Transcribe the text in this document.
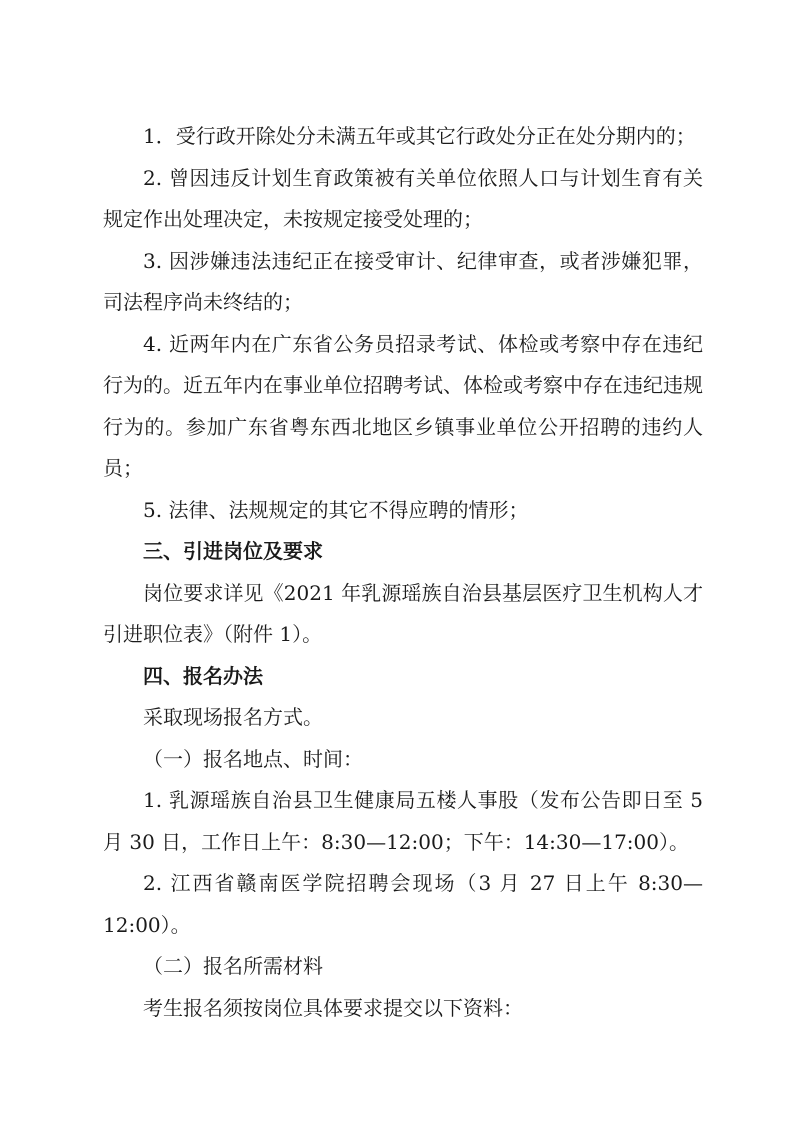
1．受行政开除处分未满五年或其它行政处分正在处分期内的；

2. 曾因违反计划生育政策被有关单位依照人口与计划生育有关规定作出处理决定，未按规定接受处理的；

3. 因涉嫌违法违纪正在接受审计、纪律审查，或者涉嫌犯罪，司法程序尚未终结的；

4. 近两年内在广东省公务员招录考试、体检或考察中存在违纪行为的。近五年内在事业单位招聘考试、体检或考察中存在违纪违规行为的。参加广东省粤东西北地区乡镇事业单位公开招聘的违约人员；

5. 法律、法规规定的其它不得应聘的情形；

三、引进岗位及要求

岗位要求详见《2021 年乳源瑶族自治县基层医疗卫生机构人才引进职位表》（附件 1）。

四、报名办法

采取现场报名方式。

（一）报名地点、时间：

1. 乳源瑶族自治县卫生健康局五楼人事股（发布公告即日至 5 月 30 日，工作日上午：8:30—12:00；下午：14:30—17:00）。

2. 江西省赣南医学院招聘会现场（3 月 27 日上午 8:30—12:00）。

（二）报名所需材料

考生报名须按岗位具体要求提交以下资料：
